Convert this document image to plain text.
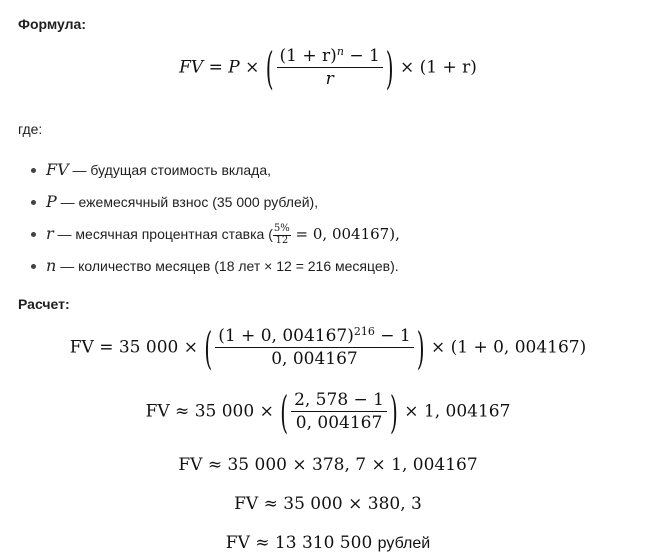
Формула:
FV = P × ( $\frac{(1 + r)^n - 1}{r}$ ) × (1 + r)
где:
FV — будущая стоимость вклада,
P — ежемесячный взнос (35 000 рублей),
r — месячная процентная ставка ( $\frac{5\%}{12} = 0$, 004167),
n — количество месяцев (18 лет × 12 = 216 месяцев).
Расчет:
FV = 35 000 × ( $\frac{(1 + 0, 004167)^{216} - 1}{0, 004167}$ ) × (1 + 0, 004167)
FV ≈ 35 000 × ( $\frac{2, 578 - 1}{0, 004167}$ ) × 1, 004167
FV ≈ 35 000 × 378, 7 × 1, 004167
FV ≈ 35 000 × 380, 3
FV ≈ 13 310 500 рублей
